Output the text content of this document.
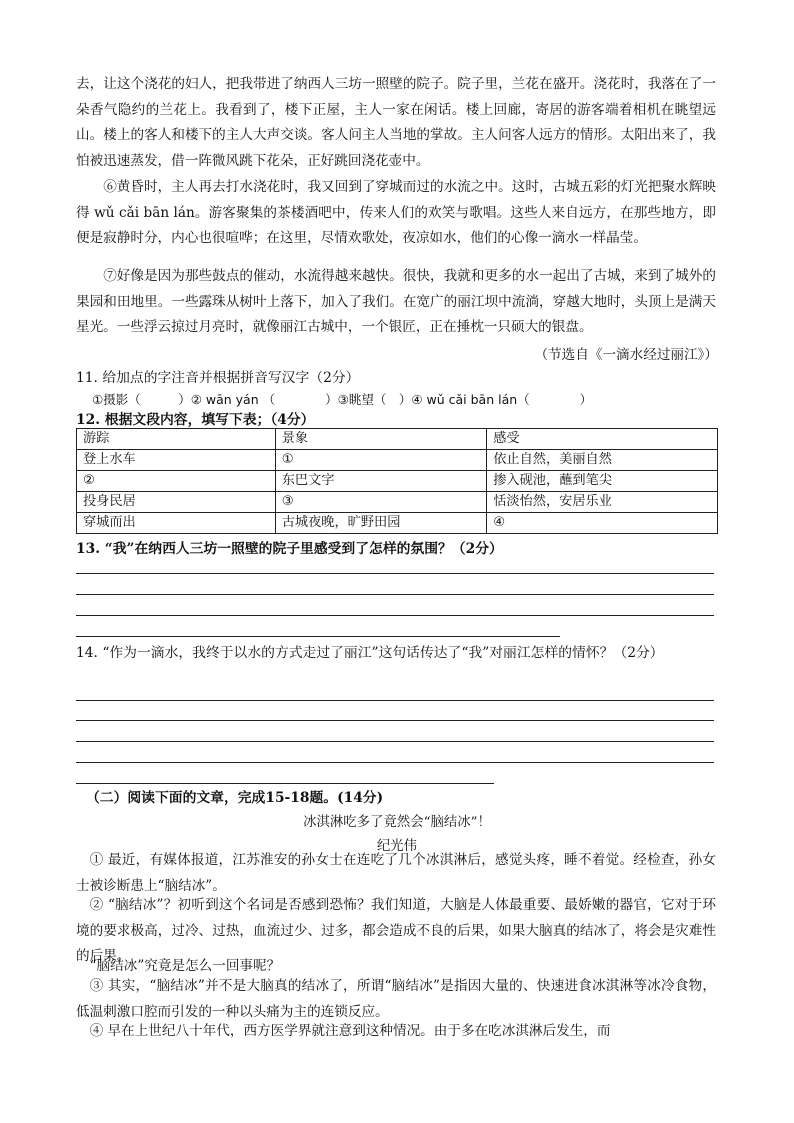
去，让这个浇花的妇人，把我带进了纳西人三坊一照壁的院子。院子里，兰花在盛开。浇花时，我落在了一朵香气隐约的兰花上。我看到了，楼下正屋，主人一家在闲话。楼上回廊，寄居的游客端着相机在眺望远山。楼上的客人和楼下的主人大声交谈。客人问主人当地的掌故。主人问客人远方的情形。太阳出来了，我怕被迅速蒸发，借一阵微风跳下花朵，正好跳回浇花壶中。

⑥黄昏时，主人再去打水浇花时，我又回到了穿城而过的水流之中。这时，古城五彩的灯光把聚水辉映得 wǔ cǎi bān lán。游客聚集的茶楼酒吧中，传来人们的欢笑与歌唱。这些人来自远方，在那些地方，即便是寂静时分，内心也很喧哗；在这里，尽情欢歌处，夜凉如水，他们的心像一滴水一样晶莹。

⑦好像是因为那些鼓点的催动，水流得越来越快。很快，我就和更多的水一起出了古城，来到了城外的果园和田地里。一些露珠从树叶上落下，加入了我们。在宽广的丽江坝中流淌，穿越大地时，头顶上是满天星光。一些浮云掠过月亮时，就像丽江古城中，一个银匠，正在捶枕一只硕大的银盘。

（节选自《一滴水经过丽江》）

11. 给加点的字注音并根据拼音写汉字（2分）

①摄影（　　　）② wān yán （　　　　）③眺望（　）④ wǔ cǎi bān lán（　　　　）

12. 根据文段内容，填写下表；（4分）

游踪	景象	感受
登上水车	①	依止自然，美丽自然
②	东巴文字	掺入砚池，蘸到笔尖
投身民居	③	恬淡怡然，安居乐业
穿城而出	古城夜晚，旷野田园	④

13. “我”在纳西人三坊一照壁的院子里感受到了怎样的氛围？（2分）

14. “作为一滴水，我终于以水的方式走过了丽江”这句话传达了“我”对丽江怎样的情怀？（2分）

（二）阅读下面的文章，完成15-18题。(14分)

冰淇淋吃多了竟然会“脑结冰”！
纪光伟

① 最近，有媒体报道，江苏淮安的孙女士在连吃了几个冰淇淋后，感觉头疼，睡不着觉。经检查，孙女士被诊断患上“脑结冰”。

② “脑结冰”？初听到这个名词是否感到恐怖？我们知道，大脑是人体最重要、最娇嫩的器官，它对于环境的要求极高，过冷、过热，血流过少、过多，都会造成不良的后果，如果大脑真的结冰了，将会是灾难性的后果。

“脑结冰”究竟是怎么一回事呢？

③ 其实，“脑结冰”并不是大脑真的结冰了，所谓“脑结冰”是指因大量的、快速进食冰淇淋等冰冷食物，低温刺激口腔而引发的一种以头痛为主的连锁反应。

④ 早在上世纪八十年代，西方医学界就注意到这种情况。由于多在吃冰淇淋后发生，而
